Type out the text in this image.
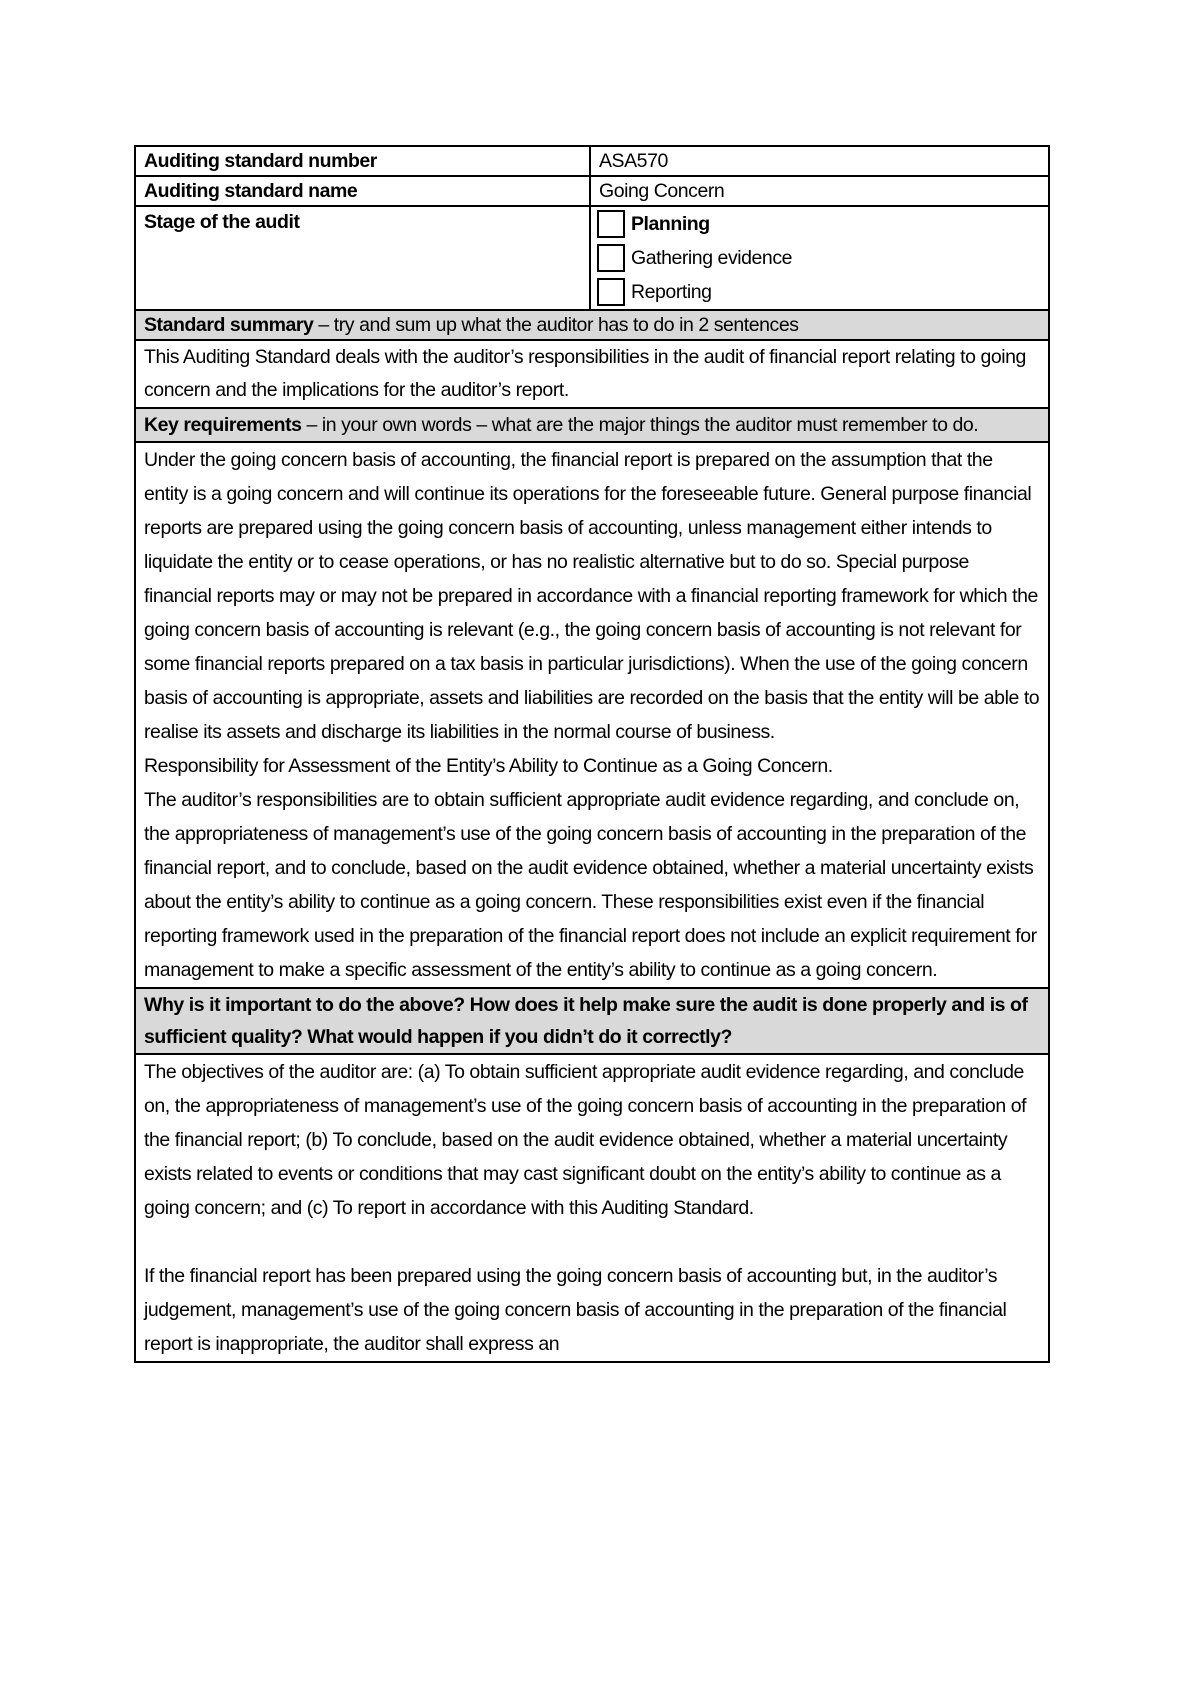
Auditing standard number	ASA570
Auditing standard name	Going Concern
Stage of the audit	Planning
Gathering evidence
Reporting

Standard summary – try and sum up what the auditor has to do in 2 sentences	
This Auditing Standard deals with the auditor’s responsibilities in the audit of financial report relating to going concern and the implications for the auditor’s report.	
Key requirements – in your own words – what are the major things the auditor must remember to do.	

Under the going concern basis of accounting, the financial report is prepared on the assumption that the entity is a going concern and will continue its operations for the foreseeable future. General purpose financial reports are prepared using the going concern basis of accounting, unless management either intends to liquidate the entity or to cease operations, or has no realistic alternative but to do so. Special purpose financial reports may or may not be prepared in accordance with a financial reporting framework for which the going concern basis of accounting is relevant (e.g., the going concern basis of accounting is not relevant for some financial reports prepared on a tax basis in particular jurisdictions). When the use of the going concern basis of accounting is appropriate, assets and liabilities are recorded on the basis that the entity will be able to realise its assets and discharge its liabilities in the normal course of business.
Responsibility for Assessment of the Entity’s Ability to Continue as a Going Concern.
The auditor’s responsibilities are to obtain sufficient appropriate audit evidence regarding, and conclude on, the appropriateness of management’s use of the going concern basis of accounting in the preparation of the financial report, and to conclude, based on the audit evidence obtained, whether a material uncertainty exists about the entity’s ability to continue as a going concern. These responsibilities exist even if the financial reporting framework used in the preparation of the financial report does not include an explicit requirement for management to make a specific assessment of the entity’s ability to continue as a going concern.	

Why is it important to do the above? How does it help make sure the audit is done properly and is of sufficient quality? What would happen if you didn’t do it correctly?	

The objectives of the auditor are: (a) To obtain sufficient appropriate audit evidence regarding, and conclude on, the appropriateness of management’s use of the going concern basis of accounting in the preparation of the financial report; (b) To conclude, based on the audit evidence obtained, whether a material uncertainty exists related to events or conditions that may cast significant doubt on the entity’s ability to continue as a going concern; and (c) To report in accordance with this Auditing Standard.
If the financial report has been prepared using the going concern basis of accounting but, in the auditor’s judgement, management’s use of the going concern basis of accounting in the preparation of the financial report is inappropriate, the auditor shall express an	
